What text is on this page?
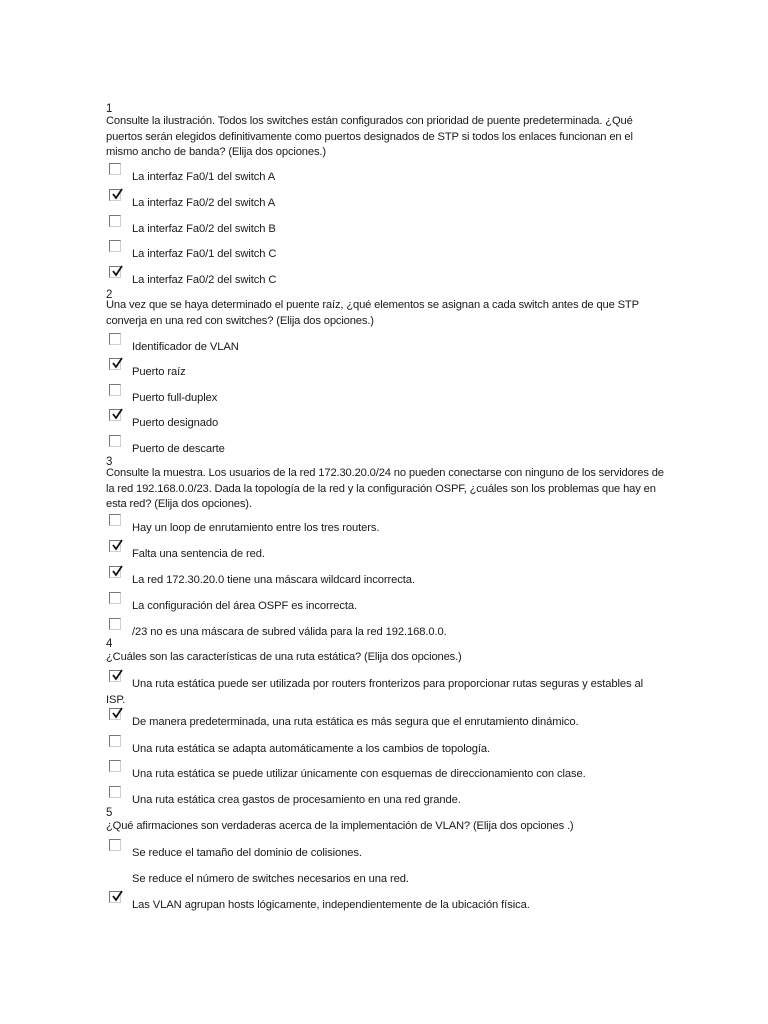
1
Consulte la ilustración. Todos los switches están configurados con prioridad de puente predeterminada. ¿Qué puertos serán elegidos definitivamente como puertos designados de STP si todos los enlaces funcionan en el mismo ancho de banda? (Elija dos opciones.)
La interfaz Fa0/1 del switch A
La interfaz Fa0/2 del switch A
La interfaz Fa0/2 del switch B
La interfaz Fa0/1 del switch C
La interfaz Fa0/2 del switch C
2
Una vez que se haya determinado el puente raíz, ¿qué elementos se asignan a cada switch antes de que STP converja en una red con switches? (Elija dos opciones.)
Identificador de VLAN
Puerto raíz
Puerto full-duplex
Puerto designado
Puerto de descarte
3
Consulte la muestra. Los usuarios de la red 172.30.20.0/24 no pueden conectarse con ninguno de los servidores de la red 192.168.0.0/23. Dada la topología de la red y la configuración OSPF, ¿cuáles son los problemas que hay en esta red? (Elija dos opciones).
Hay un loop de enrutamiento entre los tres routers.
Falta una sentencia de red.
La red 172.30.20.0 tiene una máscara wildcard incorrecta.
La configuración del área OSPF es incorrecta.
/23 no es una máscara de subred válida para la red 192.168.0.0.
4
¿Cuáles son las características de una ruta estática? (Elija dos opciones.)
Una ruta estática puede ser utilizada por routers fronterizos para proporcionar rutas seguras y estables al ISP.
De manera predeterminada, una ruta estática es más segura que el enrutamiento dinámico.
Una ruta estática se adapta automáticamente a los cambios de topología.
Una ruta estática se puede utilizar únicamente con esquemas de direccionamiento con clase.
Una ruta estática crea gastos de procesamiento en una red grande.
5
¿Qué afirmaciones son verdaderas acerca de la implementación de VLAN? (Elija dos opciones .)
Se reduce el tamaño del dominio de colisiones.
Se reduce el número de switches necesarios en una red.
Las VLAN agrupan hosts lógicamente, independientemente de la ubicación física.
